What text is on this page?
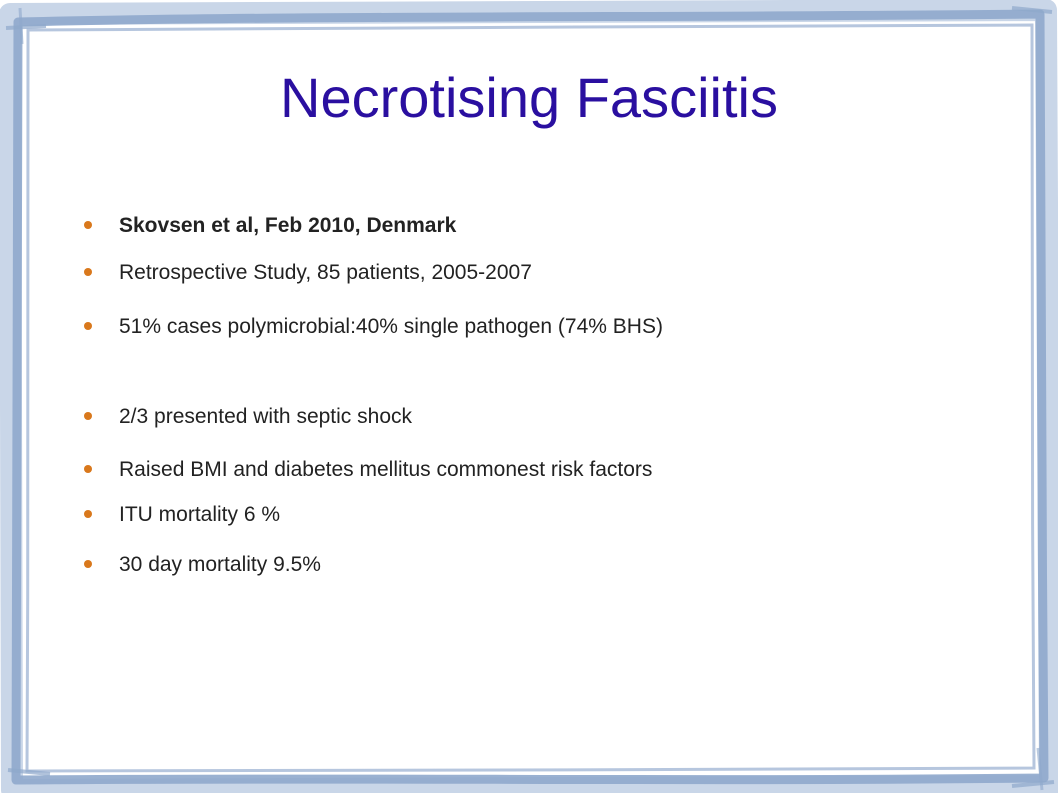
Necrotising Fasciitis
Skovsen et al, Feb 2010, Denmark
Retrospective Study, 85 patients, 2005-2007
51% cases polymicrobial:40% single pathogen (74% BHS)
2/3 presented with septic shock
Raised BMI and diabetes mellitus commonest risk factors
ITU mortality 6 %
30 day mortality 9.5%
